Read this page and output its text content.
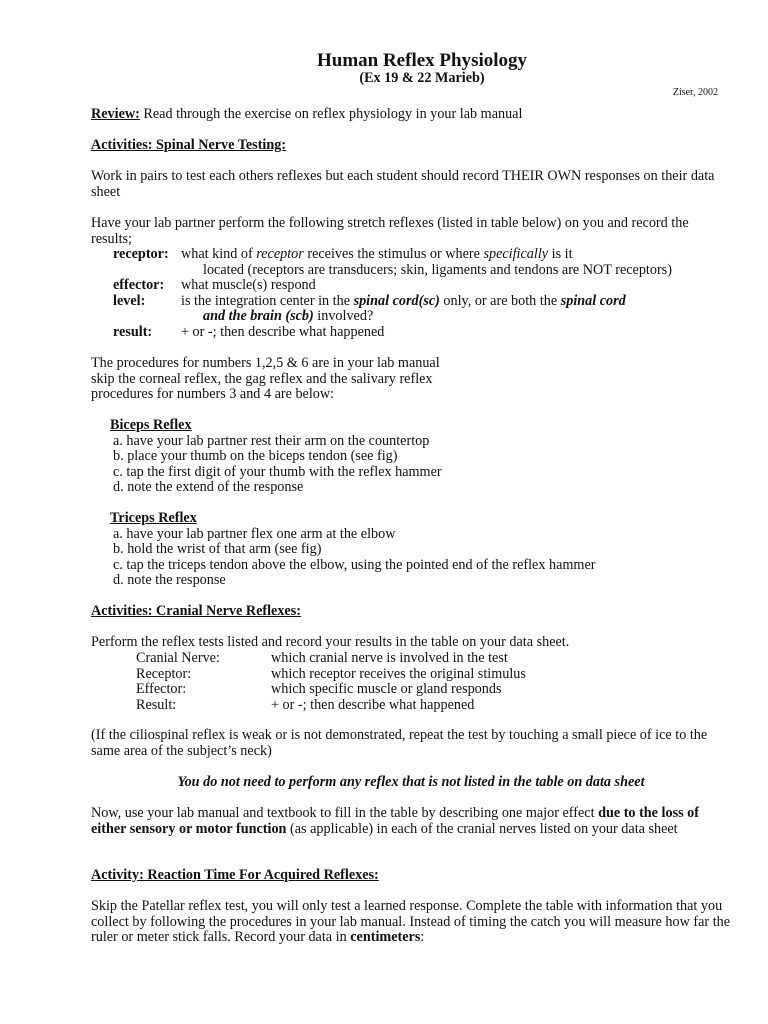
Human Reflex Physiology
(Ex 19 & 22 Marieb)
Ziser, 2002
Review: Read through the exercise on reflex physiology in your lab manual
Activities: Spinal Nerve Testing:
Work in pairs to test each others reflexes but each student should record THEIR OWN responses on their data sheet
Have your lab partner perform the following stretch reflexes (listed in table below) on you and record the results;
receptor: what kind of receptor receives the stimulus or where specifically is it
located (receptors are transducers; skin, ligaments and tendons are NOT receptors)
effector:	what muscle(s) respond
level:	is the integration center in the spinal cord(sc) only, or are both the spinal cord
and the brain (scb) involved?
result:	+ or -; then describe what happened
The procedures for numbers 1,2,5 & 6 are in your lab manual
skip the corneal reflex, the gag reflex and the salivary reflex
procedures for numbers 3 and 4 are below:
Biceps Reflex
a. have your lab partner rest their arm on the countertop
b. place your thumb on the biceps tendon (see fig)
c. tap the first digit of your thumb with the reflex hammer
d. note the extend of the response
Triceps Reflex
a. have your lab partner flex one arm at the elbow
b. hold the wrist of that arm (see fig)
c. tap the triceps tendon above the elbow, using the pointed end of the reflex hammer
d. note the response
Activities: Cranial Nerve Reflexes:
Perform the reflex tests listed and record your results in the table on your data sheet.
Cranial Nerve:	which cranial nerve is involved in the test
Receptor:	which receptor receives the original stimulus
Effector:	which specific muscle or gland responds
Result:	+ or -; then describe what happened
(If the ciliospinal reflex is weak or is not demonstrated, repeat the test by touching a small piece of ice to the same area of the subject’s neck)
You do not need to perform any reflex that is not listed in the table on data sheet
Now, use your lab manual and textbook to fill in the table by describing one major effect due to the loss of either sensory or motor function (as applicable) in each of the cranial nerves listed on your data sheet
Activity: Reaction Time For Acquired Reflexes:
Skip the Patellar reflex test, you will only test a learned response. Complete the table with information that you collect by following the procedures in your lab manual. Instead of timing the catch you will measure how far the ruler or meter stick falls. Record your data in centimeters:
